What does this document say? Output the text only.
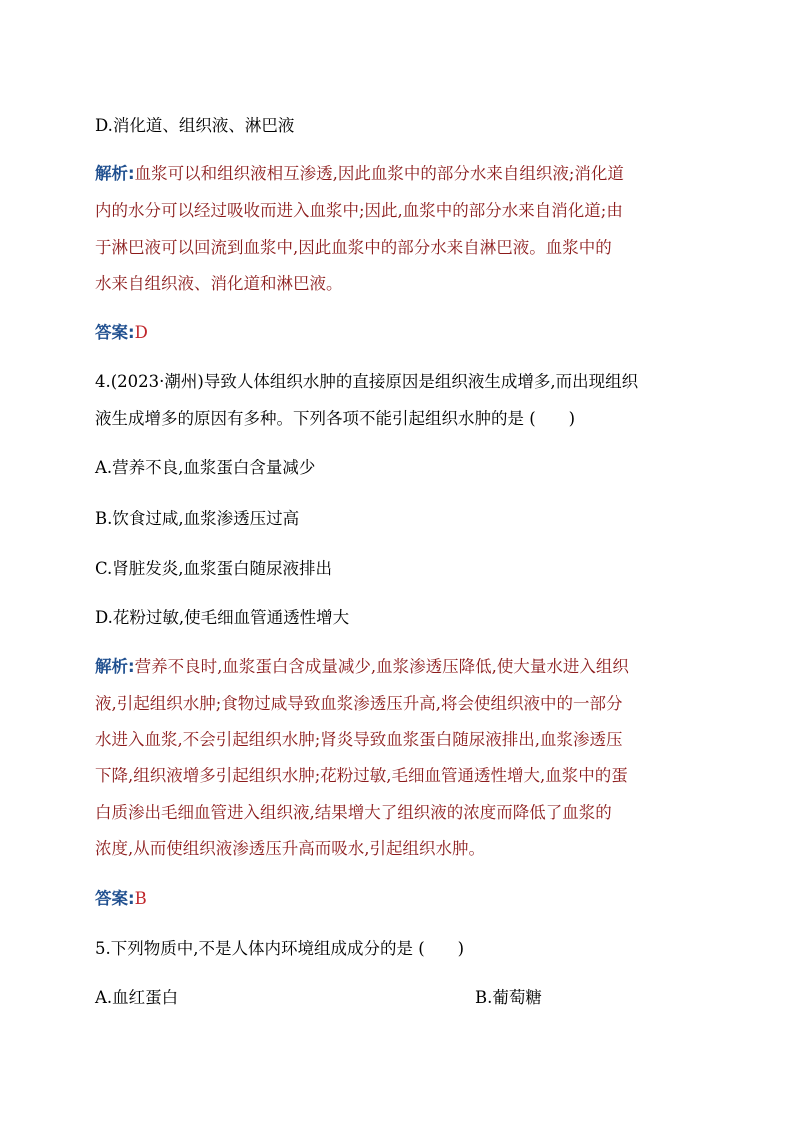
D.消化道、组织液、淋巴液

解析:血浆可以和组织液相互渗透,因此血浆中的部分水来自组织液;消化道

内的水分可以经过吸收而进入血浆中;因此,血浆中的部分水来自消化道;由

于淋巴液可以回流到血浆中,因此血浆中的部分水来自淋巴液。血浆中的

水来自组织液、消化道和淋巴液。

答案:D

4.(2023·潮州)导致人体组织水肿的直接原因是组织液生成增多,而出现组织

液生成增多的原因有多种。下列各项不能引起组织水肿的是 (　　)

A.营养不良,血浆蛋白含量减少

B.饮食过咸,血浆渗透压过高

C.肾脏发炎,血浆蛋白随尿液排出

D.花粉过敏,使毛细血管通透性增大

解析:营养不良时,血浆蛋白含成量减少,血浆渗透压降低,使大量水进入组织

液,引起组织水肿;食物过咸导致血浆渗透压升高,将会使组织液中的一部分

水进入血浆,不会引起组织水肿;肾炎导致血浆蛋白随尿液排出,血浆渗透压

下降,组织液增多引起组织水肿;花粉过敏,毛细血管通透性增大,血浆中的蛋

白质渗出毛细血管进入组织液,结果增大了组织液的浓度而降低了血浆的

浓度,从而使组织液渗透压升高而吸水,引起组织水肿。

答案:B

5.下列物质中,不是人体内环境组成成分的是 (　　)

A.血红蛋白	B.葡萄糖
